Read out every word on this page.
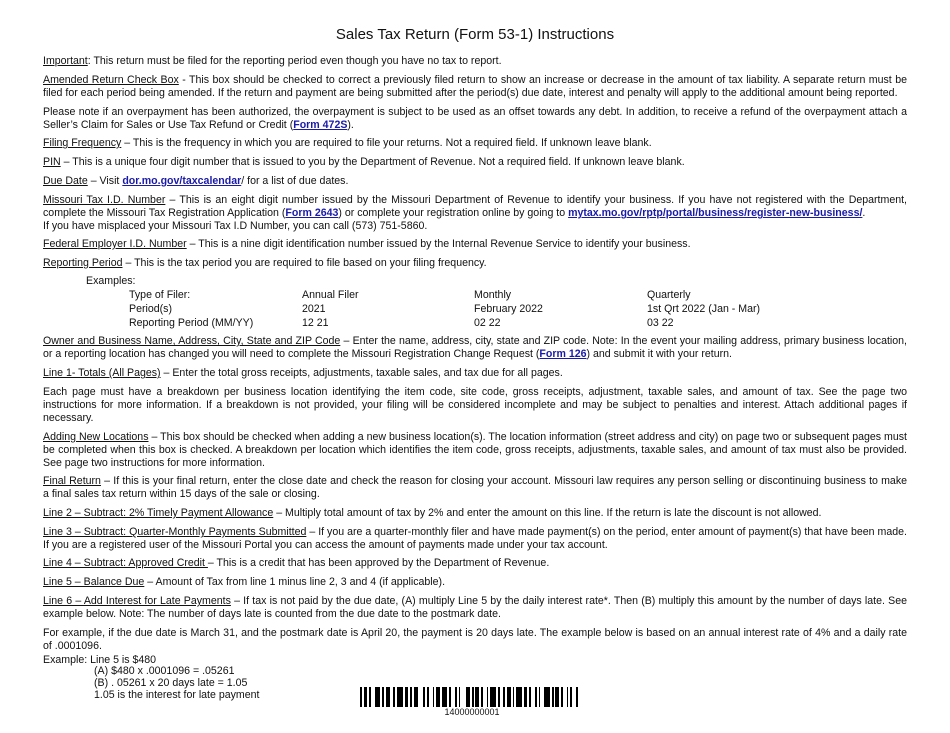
Sales Tax Return (Form 53-1) Instructions

Important: This return must be filed for the reporting period even though you have no tax to report.

Amended Return Check Box - This box should be checked to correct a previously filed return to show an increase or decrease in the amount of tax liability. A separate return must be filed for each period being amended. If the return and payment are being submitted after the period(s) due date, interest and penalty will apply to the additional amount being reported.

Please note if an overpayment has been authorized, the overpayment is subject to be used as an offset towards any debt. In addition, to receive a refund of the overpayment attach a Seller’s Claim for Sales or Use Tax Refund or Credit (Form 472S).

Filing Frequency – This is the frequency in which you are required to file your returns. Not a required field. If unknown leave blank.

PIN – This is a unique four digit number that is issued to you by the Department of Revenue. Not a required field. If unknown leave blank.

Due Date – Visit dor.mo.gov/taxcalendar/ for a list of due dates.

Missouri Tax I.D. Number – This is an eight digit number issued by the Missouri Department of Revenue to identify your business. If you have not registered with the Department, complete the Missouri Tax Registration Application (Form 2643) or complete your registration online by going to mytax.mo.gov/rptp/portal/business/register-new-business/.
If you have misplaced your Missouri Tax I.D Number, you can call (573) 751-5860.

Federal Employer I.D. Number – This is a nine digit identification number issued by the Internal Revenue Service to identify your business.

Reporting Period – This is the tax period you are required to file based on your filing frequency.

Examples:
Type of Filer:	Annual Filer	Monthly	Quarterly
Period(s)	2021	February 2022	1st Qrt 2022 (Jan - Mar)
Reporting Period (MM/YY)	12 21	02 22	03 22

Owner and Business Name, Address, City, State and ZIP Code – Enter the name, address, city, state and ZIP code. Note: In the event your mailing address, primary business location, or a reporting location has changed you will need to complete the Missouri Registration Change Request (Form 126) and submit it with your return.

Line 1- Totals (All Pages) – Enter the total gross receipts, adjustments, taxable sales, and tax due for all pages.

Each page must have a breakdown per business location identifying the item code, site code, gross receipts, adjustment, taxable sales, and amount of tax. See the page two instructions for more information. If a breakdown is not provided, your filing will be considered incomplete and may be subject to penalties and interest. Attach additional pages if necessary.

Adding New Locations – This box should be checked when adding a new business location(s). The location information (street address and city) on page two or subsequent pages must be completed when this box is checked. A breakdown per location which identifies the item code, gross receipts, adjustments, taxable sales, and amount of tax must also be provided. See page two instructions for more information.

Final Return – If this is your final return, enter the close date and check the reason for closing your account. Missouri law requires any person selling or discontinuing business to make a final sales tax return within 15 days of the sale or closing.

Line 2 – Subtract: 2% Timely Payment Allowance – Multiply total amount of tax by 2% and enter the amount on this line. If the return is late the discount is not allowed.

Line 3 – Subtract: Quarter-Monthly Payments Submitted – If you are a quarter-monthly filer and have made payment(s) on the period, enter amount of payment(s) that have been made. If you are a registered user of the Missouri Portal you can access the amount of payments made under your tax account.

Line 4 – Subtract: Approved Credit – This is a credit that has been approved by the Department of Revenue.

Line 5 – Balance Due – Amount of Tax from line 1 minus line 2, 3 and 4 (if applicable).

Line 6 – Add Interest for Late Payments – If tax is not paid by the due date, (A) multiply Line 5 by the daily interest rate*. Then (B) multiply this amount by the number of days late. See example below. Note: The number of days late is counted from the due date to the postmark date.

For example, if the due date is March 31, and the postmark date is April 20, the payment is 20 days late. The example below is based on an annual interest rate of 4% and a daily rate of .0001096.

Example: Line 5 is $480
(A) $480 x .0001096 = .05261
(B) . 05261 x 20 days late = 1.05
1.05 is the interest for late payment
14000000001
